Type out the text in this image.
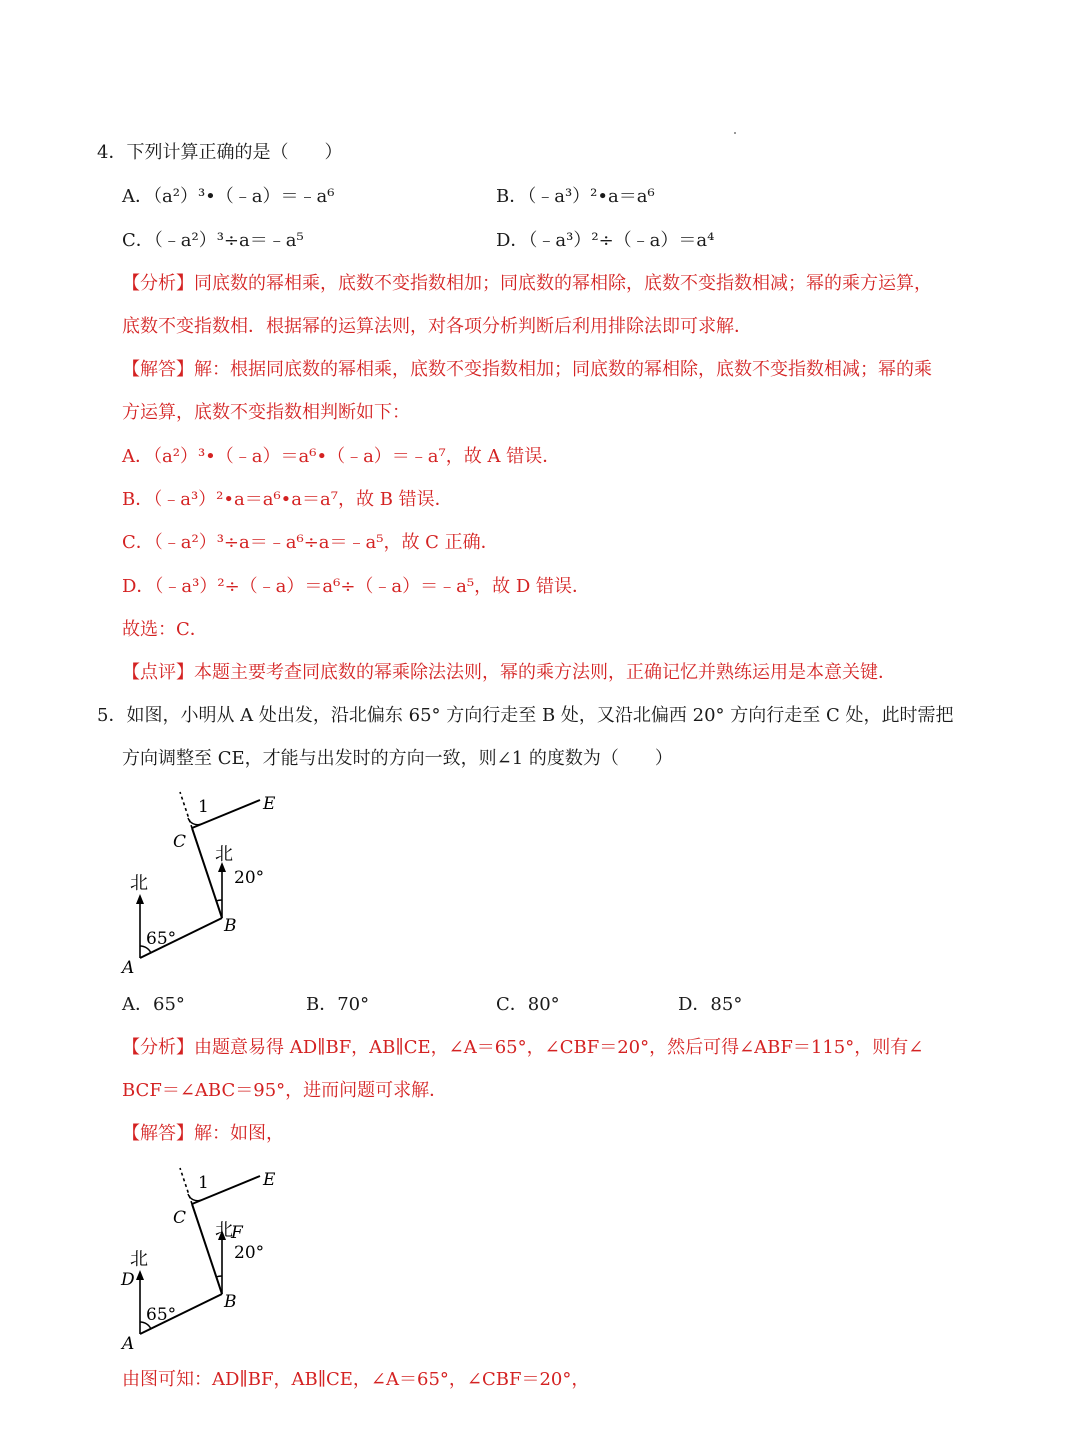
4．下列计算正确的是（　　）
A．（a²）³•（﹣a）＝﹣a⁶	B．（﹣a³）²•a＝a⁶
C．（﹣a²）³÷a＝﹣a⁵	D．（﹣a³）²÷（﹣a）＝a⁴
【分析】同底数的幂相乘，底数不变指数相加；同底数的幂相除，底数不变指数相减；幂的乘方运算，
底数不变指数相．根据幂的运算法则，对各项分析判断后利用排除法即可求解．
【解答】解：根据同底数的幂相乘，底数不变指数相加；同底数的幂相除，底数不变指数相减；幂的乘
方运算，底数不变指数相判断如下：
A．（a²）³•（﹣a）＝a⁶•（﹣a）＝﹣a⁷，故 A 错误．
B．（﹣a³）²•a＝a⁶•a＝a⁷，故 B 错误．
C．（﹣a²）³÷a＝﹣a⁶÷a＝﹣a⁵，故 C 正确．
D．（﹣a³）²÷（﹣a）＝a⁶÷（﹣a）＝﹣a⁵，故 D 错误．
故选：C．
【点评】本题主要考查同底数的幂乘除法法则，幂的乘方法则，正确记忆并熟练运用是本意关键．
5．如图，小明从 A 处出发，沿北偏东 65° 方向行走至 B 处，又沿北偏西 20° 方向行走至 C 处，此时需把
方向调整至 CE，才能与出发时的方向一致，则∠1 的度数为（　　）
北
北
65°
20°
1
A
B
C
E
A．65°	B．70°	C．80°	D．85°
【分析】由题意易得 AD∥BF，AB∥CE，∠A＝65°，∠CBF＝20°，然后可得∠ABF＝115°，则有∠
BCF＝∠ABC＝95°，进而问题可求解．
【解答】解：如图，
北
北
D
F
65°
20°
1
A
B
C
E
由图可知：AD∥BF，AB∥CE，∠A＝65°，∠CBF＝20°，
